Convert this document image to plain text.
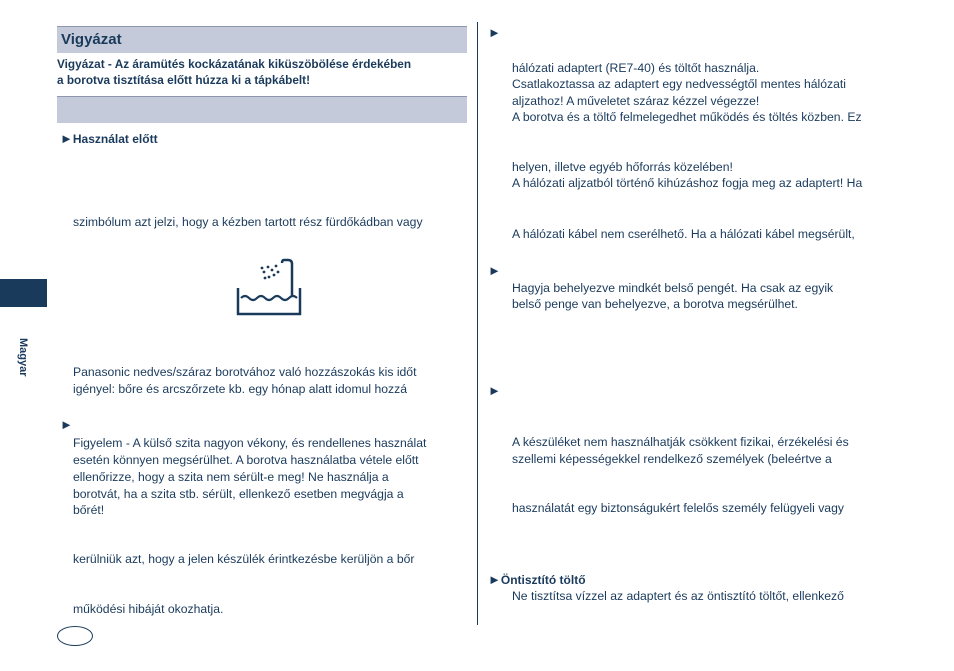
Vigyázat
Vigyázat - Az áramütés kockázatának kiküszöbölése érdekében
a borotva tisztítása előtt húzza ki a tápkábelt!
►Használat előtt
szimbólum azt jelzi, hogy a kézben tartott rész fürdőkádban vagy
Panasonic nedves/száraz borotvához való hozzászokás kis időt
igényel: bőre és arcszőrzete kb. egy hónap alatt idomul hozzá
►
Figyelem - A külső szita nagyon vékony, és rendellenes használat
esetén könnyen megsérülhet. A borotva használatba vétele előtt
ellenőrizze, hogy a szita nem sérült-e meg! Ne használja a
borotvát, ha a szita stb. sérült, ellenkező esetben megvágja a
bőrét!
kerülniük azt, hogy a jelen készülék érintkezésbe kerüljön a bőr
működési hibáját okozhatja.
Magyar
►
hálózati adaptert (RE7-40) és töltőt használja.
Csatlakoztassa az adaptert egy nedvességtől mentes hálózati
aljzathoz! A műveletet száraz kézzel végezze!
A borotva és a töltő felmelegedhet működés és töltés közben. Ez
helyen, illetve egyéb hőforrás közelében!
A hálózati aljzatból történő kihúzáshoz fogja meg az adaptert! Ha
A hálózati kábel nem cserélhető. Ha a hálózati kábel megsérült,
►
Hagyja behelyezve mindkét belső pengét. Ha csak az egyik
belső penge van behelyezve, a borotva megsérülhet.
►
A készüléket nem használhatják csökkent fizikai, érzékelési és
szellemi képességekkel rendelkező személyek (beleértve a
használatát egy biztonságukért felelős személy felügyeli vagy
►Öntisztító töltő
Ne tisztítsa vízzel az adaptert és az öntisztító töltőt, ellenkező
